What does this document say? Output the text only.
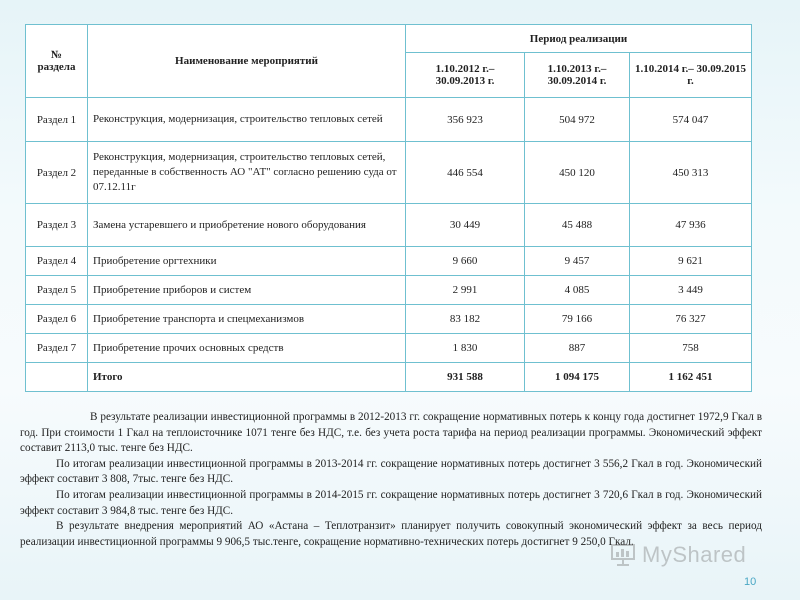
№ раздела	Наименование мероприятий	Период реализации		
		1.10.2012 г.– 30.09.2013 г.	1.10.2013 г.– 30.09.2014 г.	1.10.2014 г.– 30.09.2015 г.
Раздел 1	Реконструкция, модернизация, строительство тепловых сетей	356 923	504 972	574 047
Раздел 2	Реконструкция, модернизация, строительство тепловых сетей, переданные в собственность АО "АТ" согласно решению суда от 07.12.11г	446 554	450 120	450 313
Раздел 3	Замена устаревшего и приобретение нового оборудования	30 449	45 488	47 936
Раздел 4	Приобретение оргтехники	9 660	9 457	9 621
Раздел 5	Приобретение приборов и систем	2 991	4 085	3 449
Раздел 6	Приобретение транспорта и спецмеханизмов	83 182	79 166	76 327
Раздел 7	Приобретение прочих основных средств	1 830	887	758
	Итого	931 588	1 094 175	1 162 451

В результате реализации инвестиционной программы в 2012-2013 гг. сокращение нормативных потерь к концу года достигнет 1972,9 Гкал в год. При стоимости 1 Гкал на теплоисточнике 1071 тенге без НДС, т.е. без учета роста тарифа на период реализации программы. Экономический эффект составит 2113,0 тыс. тенге без НДС.

По итогам реализации инвестиционной программы в 2013-2014 гг. сокращение нормативных потерь достигнет 3 556,2 Гкал в год. Экономический эффект составит 3 808, 7тыс. тенге без НДС.

По итогам реализации инвестиционной программы в 2014-2015 гг. сокращение нормативных потерь достигнет 3 720,6 Гкал в год. Экономический эффект составит 3 984,8 тыс. тенге без НДС.

В результате внедрения мероприятий АО «Астана – Теплотранзит» планирует получить совокупный экономический эффект за весь период реализации инвестиционной программы 9 906,5 тыс.тенге, сокращение нормативно-технических потерь достигнет 9 250,0 Гкал.

MyShared
10
